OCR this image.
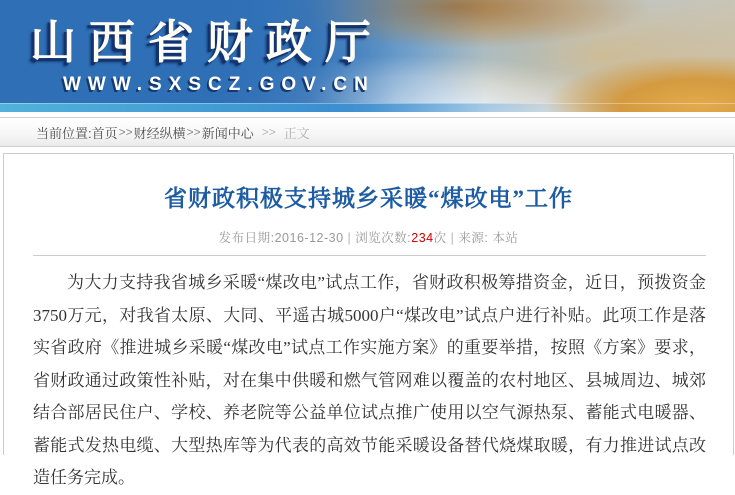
山西省财政厅
WWW.SXSCZ.GOV.CN
当前位置: 首页 >> 财经纵横 >> 新闻中心 >> 正文
省财政积极支持城乡采暖“煤改电”工作
发布日期:2016-12-30 | 浏览次数:234次 | 来源: 本站

为大力支持我省城乡采暖“煤改电”试点工作，省财政积极筹措资金，近日，预拨资金3750万元，对我省太原、大同、平遥古城5000户“煤改电”试点户进行补贴。此项工作是落实省政府《推进城乡采暖“煤改电”试点工作实施方案》的重要举措，按照《方案》要求，省财政通过政策性补贴，对在集中供暖和燃气管网难以覆盖的农村地区、县城周边、城郊结合部居民住户、学校、养老院等公益单位试点推广使用以空气源热泵、蓄能式电暖器、蓄能式发热电缆、大型热库等为代表的高效节能采暖设备替代烧煤取暖，有力推进试点改造任务完成。
